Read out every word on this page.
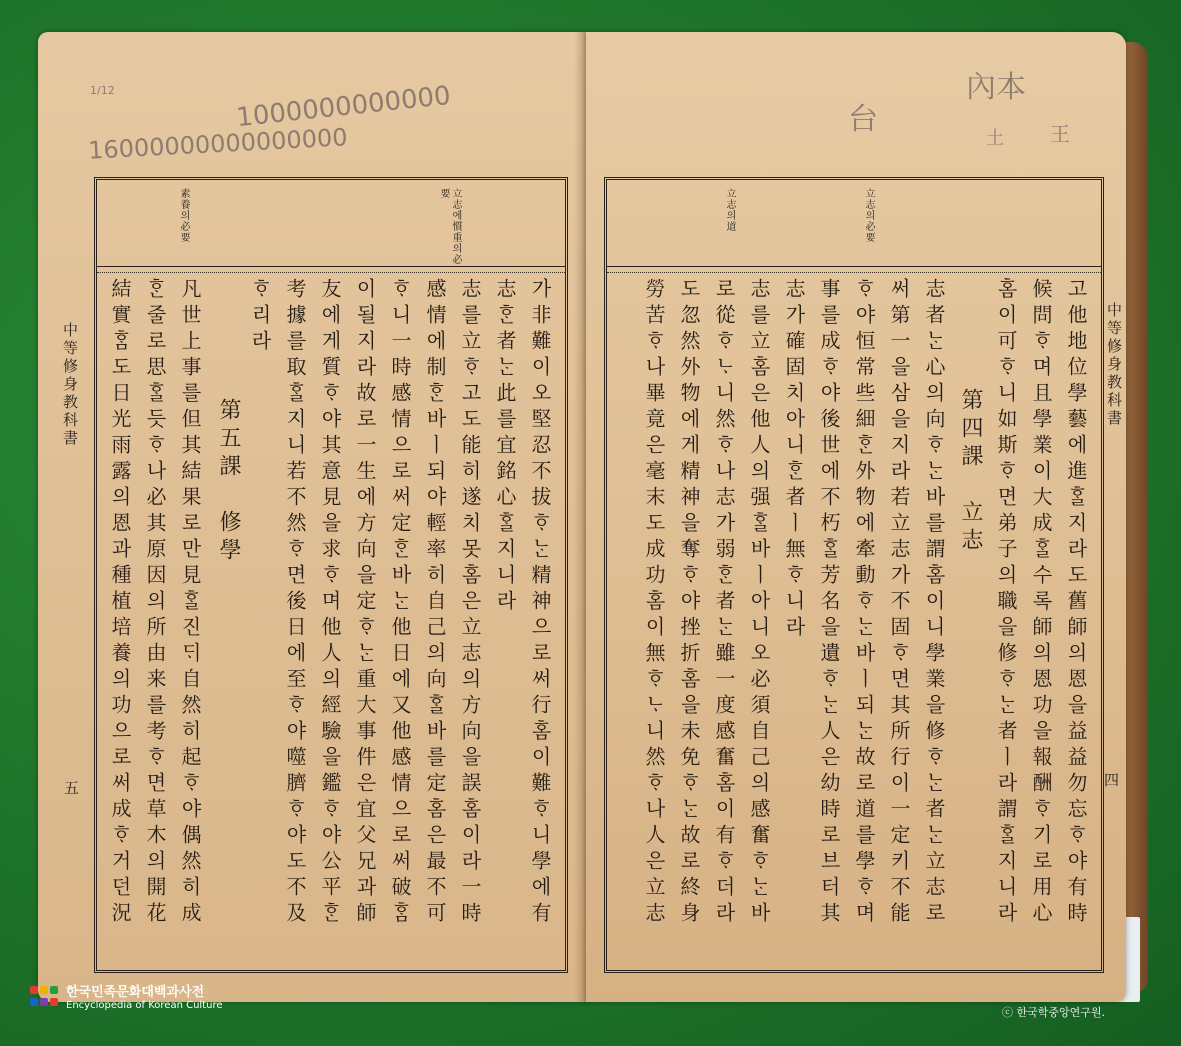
1/12	1000000000000
16000000000000000
中等修身教科書
五
立志에慣重의必要
素養의必要
가非難이오堅忍不拔ᄒᆞᄂᆞᆫ精神으로써行홈이難ᄒᆞ니學에有
志ᄒᆞᆫ者ᄂᆞᆫ此를宜銘心ᄒᆞᆯ지니라
志를立ᄒᆞ고도能히遂치못홈은立志의方向을誤홈이라一時
感情에制ᄒᆞᆫ바ㅣ되야輕率히自己의向ᄒᆞᆯ바를定홈은最不可
ᄒᆞ니一時感情으로써定ᄒᆞᆫ바ᄂᆞᆫ他日에又他感情으로써破ᄒᆞᆷ
이될지라故로一生에方向을定ᄒᆞᄂᆞᆫ重大事件은宜父兄과師
友에게質ᄒᆞ야其意見을求ᄒᆞ며他人의經驗을鑑ᄒᆞ야公平ᄒᆞᆫ
考據를取ᄒᆞᆯ지니若不然ᄒᆞ면後日에至ᄒᆞ야噬臍ᄒᆞ야도不及
ᄒᆞ리라
第五課　修學
凡世上事를但其結果로만見ᄒᆞᆯ진ᄃᆡ自然히起ᄒᆞ야偶然히成
ᄒᆞᆫ줄로思ᄒᆞᆯ듯ᄒᆞ나必其原因의所由来를考ᄒᆞ면草木의開花
結實ᄒᆞᆷ도日光雨露의恩과種植培養의功으로써成ᄒᆞ거던況
台
內本
王
土
中等修身教科書
四
立志의道	立志의必要
고他地位學藝에進ᄒᆞᆯ지라도舊師의恩을益益勿忘ᄒᆞ야有時
候問ᄒᆞ며且學業이大成ᄒᆞᆯ수록師의恩功을報酬ᄒᆞ기로用心
홈이可ᄒᆞ니如斯ᄒᆞ면弟子의職을修ᄒᆞᄂᆞᆫ者ㅣ라謂ᄒᆞᆯ지니라
第四課　立志
志者ᄂᆞᆫ心의向ᄒᆞᄂᆞᆫ바를謂홈이니學業을修ᄒᆞᄂᆞᆫ者ᄂᆞᆫ立志로
써第一을삼을지라若立志가不固ᄒᆞ면其所行이一定키不能
ᄒᆞ야恒常些細ᄒᆞᆫ外物에牽動ᄒᆞᄂᆞᆫ바ㅣ되ᄂᆞᆫ故로道를學ᄒᆞ며
事를成ᄒᆞ야後世에不朽ᄒᆞᆯ芳名을遺ᄒᆞᄂᆞᆫ人은幼時로브터其
志가確固치아니ᄒᆞᆫ者ㅣ無ᄒᆞ니라
志를立홈은他人의强ᄒᆞᆯ바ㅣ아니오必須自己의感奮ᄒᆞᄂᆞᆫ바
로從ᄒᆞᄂᆞ니然ᄒᆞ나志가弱ᄒᆞᆫ者ᄂᆞᆫ雖一度感奮홈이有ᄒᆞ더라
도忽然外物에게精神을奪ᄒᆞ야挫折홈을未免ᄒᆞᄂᆞᆫ故로終身
勞苦ᄒᆞ나畢竟은毫末도成功홈이無ᄒᆞᄂᆞ니然ᄒᆞ나人은立志
한국민족문화대백과사전
Encyclopedia of Korean Culture
ⓒ 한국학중앙연구원.
